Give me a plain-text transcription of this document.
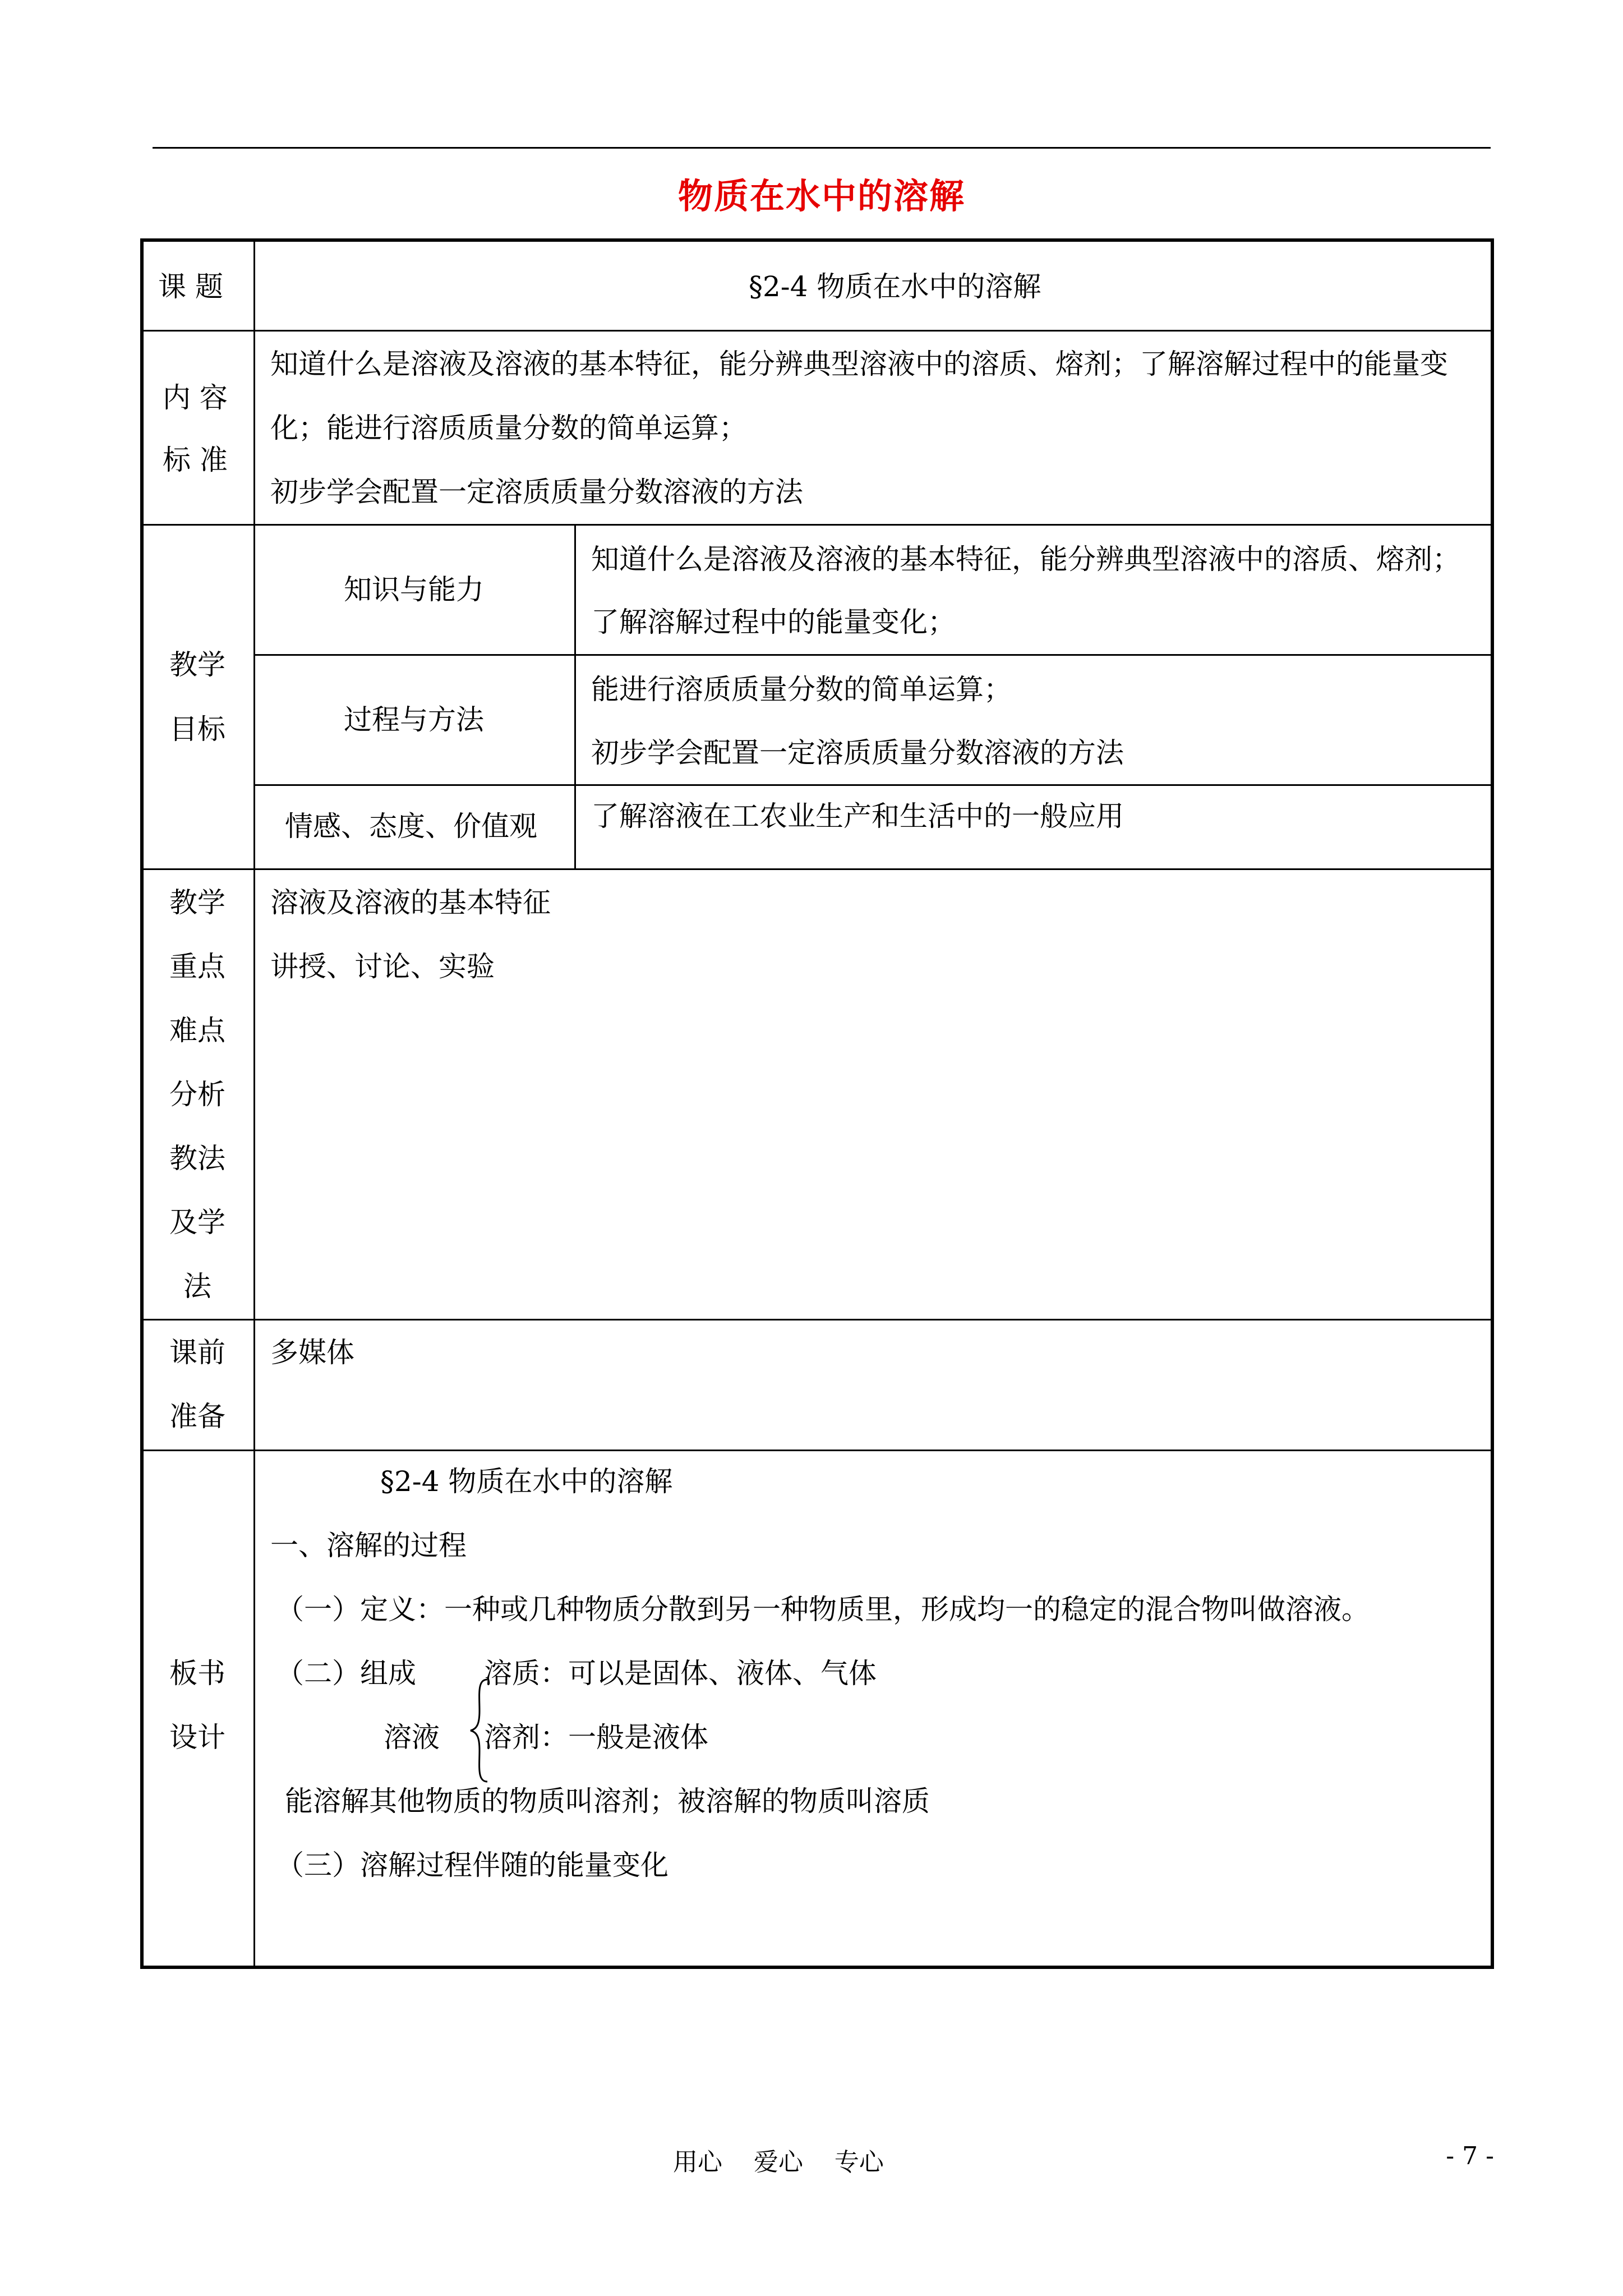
物质在水中的溶解
课 题	§2-4 物质在水中的溶解
内 容
标 准
知道什么是溶液及溶液的基本特征，能分辨典型溶液中的溶质、熔剂；了解溶解过程中的能量变
化；能进行溶质质量分数的简单运算；
初步学会配置一定溶质质量分数溶液的方法
教学
目标
知识与能力
知道什么是溶液及溶液的基本特征，能分辨典型溶液中的溶质、熔剂；
了解溶解过程中的能量变化；
过程与方法
能进行溶质质量分数的简单运算；
初步学会配置一定溶质质量分数溶液的方法
情感、态度、价值观 了解溶液在工农业生产和生活中的一般应用
教学
重点
难点
分析
教法
及学
法
溶液及溶液的基本特征
讲授、讨论、实验
课前
准备
多媒体
板书
设计
§2-4 物质在水中的溶解
一、溶解的过程
（一）定义：一种或几种物质分散到另一种物质里，形成均一的稳定的混合物叫做溶液。
（二）组成 溶质：可以是固体、液体、气体
溶液 溶剂：一般是液体
能溶解其他物质的物质叫溶剂；被溶解的物质叫溶质
（三）溶解过程伴随的能量变化
用心    爱心    专心	- 7 -
